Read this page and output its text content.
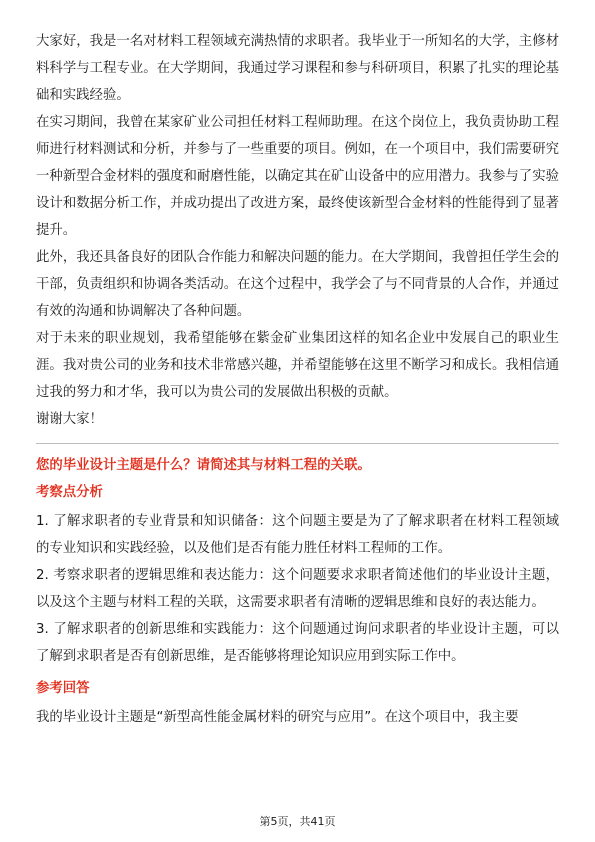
大家好，我是一名对材料工程领域充满热情的求职者。我毕业于一所知名的大学，主修材料科学与工程专业。在大学期间，我通过学习课程和参与科研项目，积累了扎实的理论基础和实践经验。

在实习期间，我曾在某家矿业公司担任材料工程师助理。在这个岗位上，我负责协助工程师进行材料测试和分析，并参与了一些重要的项目。例如，在一个项目中，我们需要研究一种新型合金材料的强度和耐磨性能，以确定其在矿山设备中的应用潜力。我参与了实验设计和数据分析工作，并成功提出了改进方案，最终使该新型合金材料的性能得到了显著提升。

此外，我还具备良好的团队合作能力和解决问题的能力。在大学期间，我曾担任学生会的干部，负责组织和协调各类活动。在这个过程中，我学会了与不同背景的人合作，并通过有效的沟通和协调解决了各种问题。

对于未来的职业规划，我希望能够在紫金矿业集团这样的知名企业中发展自己的职业生涯。我对贵公司的业务和技术非常感兴趣，并希望能够在这里不断学习和成长。我相信通过我的努力和才华，我可以为贵公司的发展做出积极的贡献。

谢谢大家！

您的毕业设计主题是什么？请简述其与材料工程的关联。

考察点分析

1. 了解求职者的专业背景和知识储备：这个问题主要是为了了解求职者在材料工程领域的专业知识和实践经验，以及他们是否有能力胜任材料工程师的工作。

2. 考察求职者的逻辑思维和表达能力：这个问题要求求职者简述他们的毕业设计主题，以及这个主题与材料工程的关联，这需要求职者有清晰的逻辑思维和良好的表达能力。

3. 了解求职者的创新思维和实践能力：这个问题通过询问求职者的毕业设计主题，可以了解到求职者是否有创新思维，是否能够将理论知识应用到实际工作中。

参考回答

我的毕业设计主题是“新型高性能金属材料的研究与应用”。在这个项目中，我主要

第5页，共41页
